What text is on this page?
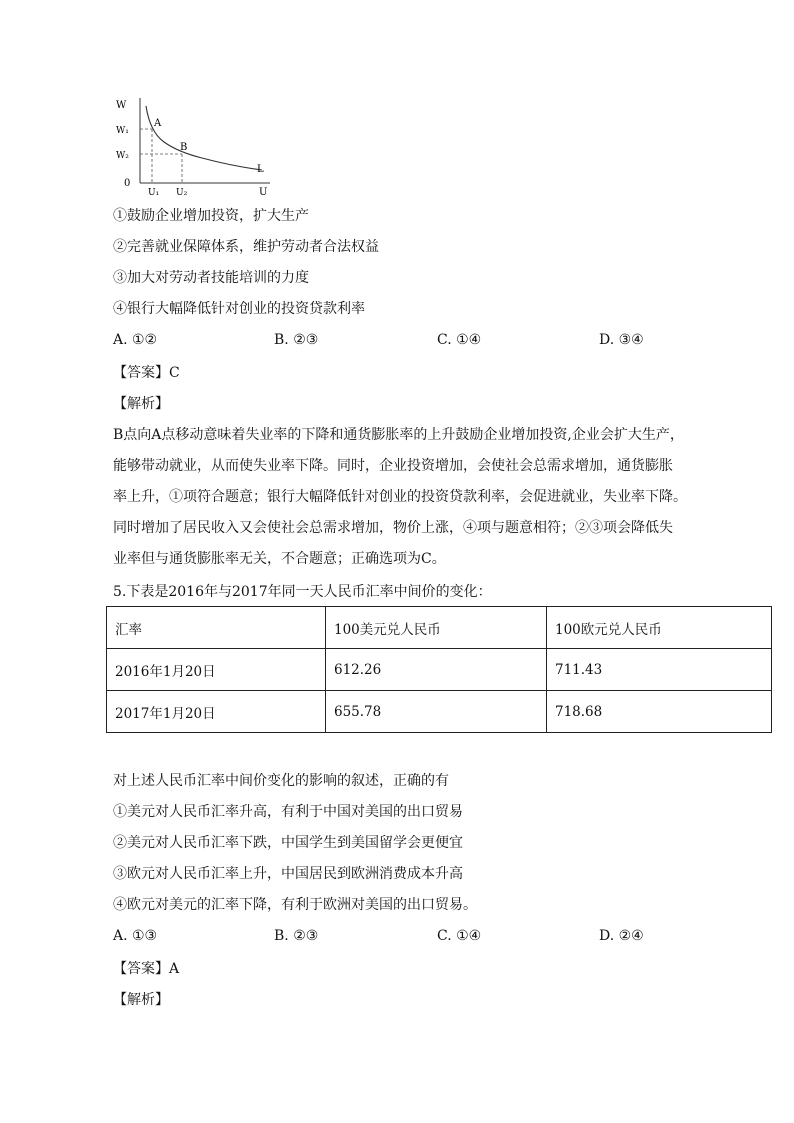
W
W₁
W₂
0
U₁ U₂	U
A
B
L
①鼓励企业增加投资，扩大生产
②完善就业保障体系，维护劳动者合法权益
③加大对劳动者技能培训的力度
④银行大幅降低针对创业的投资贷款利率
A. ①②	B. ②③	C. ①④	D. ③④
【答案】C
【解析】
B点向A点移动意味着失业率的下降和通货膨胀率的上升鼓励企业增加投资,企业会扩大生产，
能够带动就业，从而使失业率下降。同时，企业投资增加，会使社会总需求增加，通货膨胀
率上升，①项符合题意；银行大幅降低针对创业的投资贷款利率，会促进就业，失业率下降。
同时增加了居民收入又会使社会总需求增加，物价上涨，④项与题意相符；②③项会降低失
业率但与通货膨胀率无关，不合题意；正确选项为C。
5.下表是2016年与2017年同一天人民币汇率中间价的变化：
汇率	100美元兑人民币	100欧元兑人民币
2016年1月20日	612.26	711.43
2017年1月20日	655.78	718.68
对上述人民币汇率中间价变化的影响的叙述，正确的有
①美元对人民币汇率升高，有利于中国对美国的出口贸易
②美元对人民币汇率下跌，中国学生到美国留学会更便宜
③欧元对人民币汇率上升，中国居民到欧洲消费成本升高
④欧元对美元的汇率下降，有利于欧洲对美国的出口贸易。
A. ①③	B. ②③	C. ①④	D. ②④
【答案】A
【解析】
